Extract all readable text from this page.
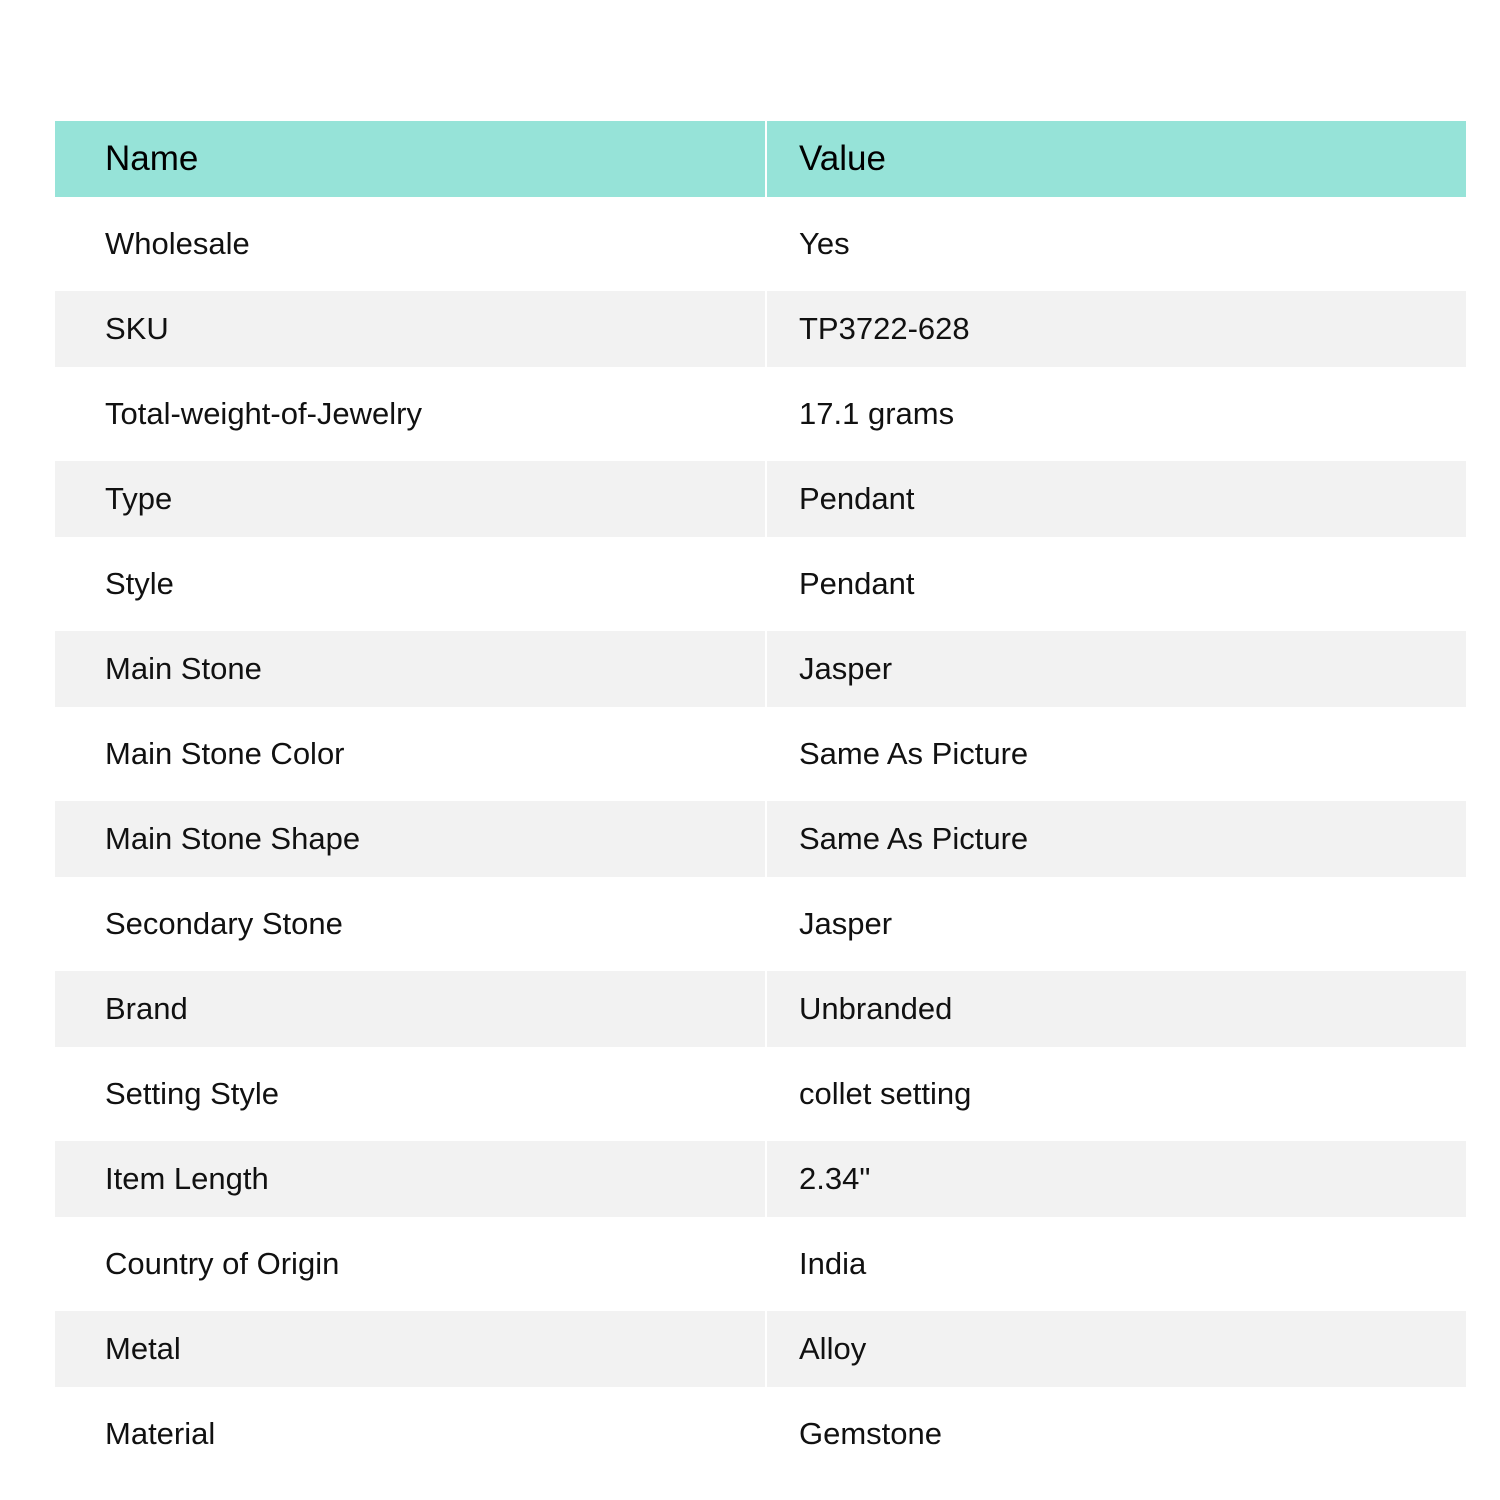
Name	Value
Wholesale	Yes
SKU	TP3722-628
Total-weight-of-Jewelry	17.1 grams
Type	Pendant
Style	Pendant
Main Stone	Jasper
Main Stone Color	Same As Picture
Main Stone Shape	Same As Picture
Secondary Stone	Jasper
Brand	Unbranded
Setting Style	collet setting
Item Length	2.34"
Country of Origin	India
Metal	Alloy
Material	Gemstone
